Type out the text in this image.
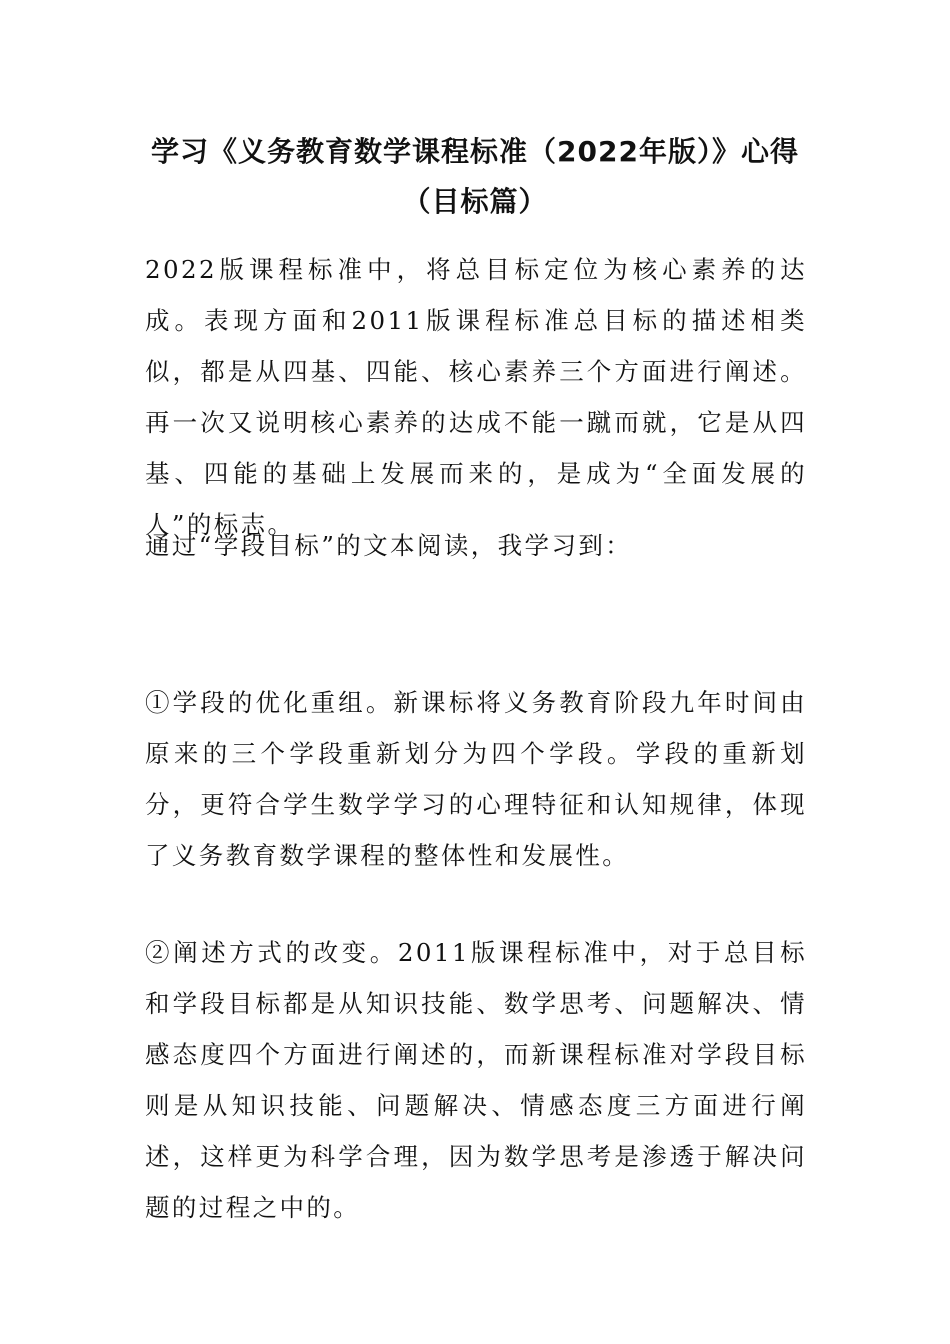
学习《义务教育数学课程标准（2022年版）》心得
（目标篇）

2022版课程标准中，将总目标定位为核心素养的达成。表现方面和2011版课程标准总目标的描述相类似，都是从四基、四能、核心素养三个方面进行阐述。再一次又说明核心素养的达成不能一蹴而就，它是从四基、四能的基础上发展而来的，是成为“全面发展的人”的标志。

通过“学段目标”的文本阅读，我学习到：

①学段的优化重组。新课标将义务教育阶段九年时间由原来的三个学段重新划分为四个学段。学段的重新划分，更符合学生数学学习的心理特征和认知规律，体现了义务教育数学课程的整体性和发展性。

②阐述方式的改变。2011版课程标准中，对于总目标和学段目标都是从知识技能、数学思考、问题解决、情感态度四个方面进行阐述的，而新课程标准对学段目标则是从知识技能、问题解决、情感态度三方面进行阐述，这样更为科学合理，因为数学思考是渗透于解决问题的过程之中的。
